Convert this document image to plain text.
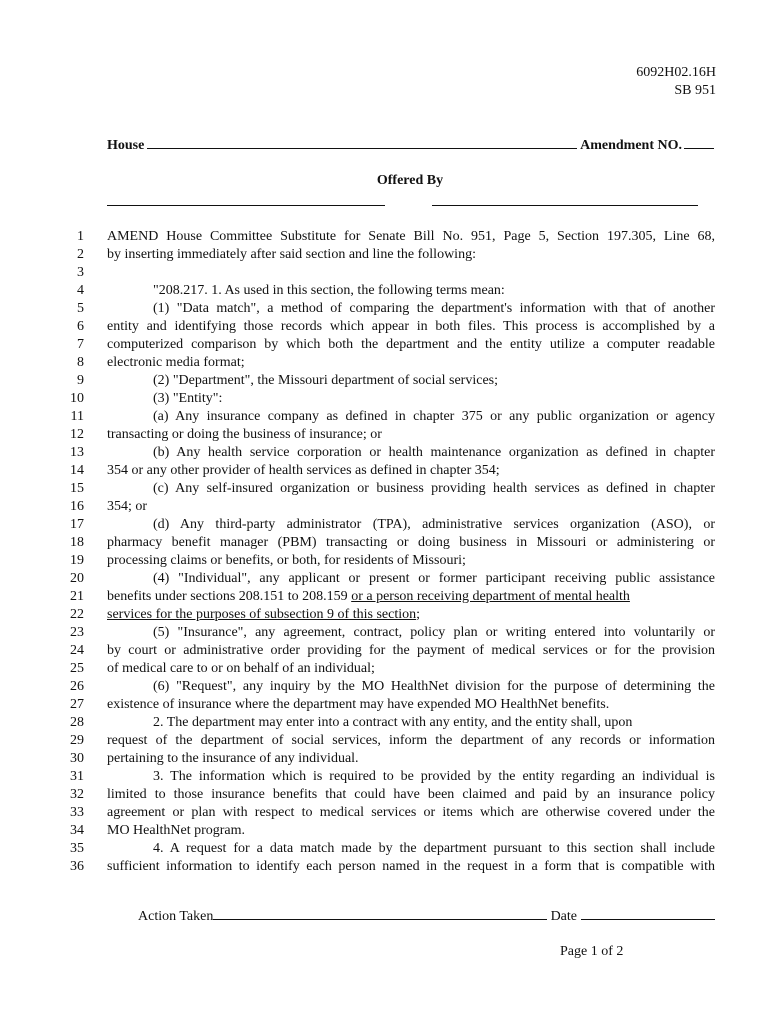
6092H02.16H
SB 951
House	Amendment NO.
Offered By
1 AMEND House Committee Substitute for Senate Bill No. 951, Page 5, Section 197.305, Line 68,
2 by inserting immediately after said section and line the following:
3
4	"208.217. 1. As used in this section, the following terms mean:
5	(1) "Data match", a method of comparing the department's information with that of another
6 entity and identifying those records which appear in both files. This process is accomplished by a
7 computerized comparison by which both the department and the entity utilize a computer readable
8 electronic media format;
9	(2) "Department", the Missouri department of social services;
10	(3) "Entity":
11	(a) Any insurance company as defined in chapter 375 or any public organization or agency
12 transacting or doing the business of insurance; or
13	(b) Any health service corporation or health maintenance organization as defined in chapter
14 354 or any other provider of health services as defined in chapter 354;
15	(c) Any self-insured organization or business providing health services as defined in chapter
16 354; or
17	(d) Any third-party administrator (TPA), administrative services organization (ASO), or
18 pharmacy benefit manager (PBM) transacting or doing business in Missouri or administering or
19 processing claims or benefits, or both, for residents of Missouri;
20	(4) "Individual", any applicant or present or former participant receiving public assistance
21 benefits under sections 208.151 to 208.159 or a person receiving department of mental health
22 services for the purposes of subsection 9 of this section;
23	(5) "Insurance", any agreement, contract, policy plan or writing entered into voluntarily or
24 by court or administrative order providing for the payment of medical services or for the provision
25 of medical care to or on behalf of an individual;
26	(6) "Request", any inquiry by the MO HealthNet division for the purpose of determining the
27 existence of insurance where the department may have expended MO HealthNet benefits.
28	2. The department may enter into a contract with any entity, and the entity shall, upon
29 request of the department of social services, inform the department of any records or information
30 pertaining to the insurance of any individual.
31	3. The information which is required to be provided by the entity regarding an individual is
32 limited to those insurance benefits that could have been claimed and paid by an insurance policy
33 agreement or plan with respect to medical services or items which are otherwise covered under the
34 MO HealthNet program.
35	4. A request for a data match made by the department pursuant to this section shall include
36 sufficient information to identify each person named in the request in a form that is compatible with
Action Taken	Date
Page 1 of 2
